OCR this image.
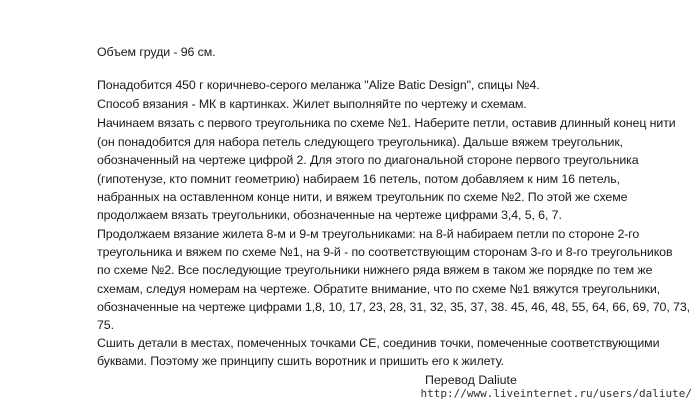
Объем груди - 96 см.
Понадобится 450 г коричнево-серого меланжа "Alize Batic Design", спицы №4.
Способ вязания - МК в картинках. Жилет выполняйте по чертежу и схемам.
Начинаем вязать с первого треугольника по схеме №1. Наберите петли, оставив длинный конец нити
(он понадобится для набора петель следующего треугольника). Дальше вяжем треугольник,
обозначенный на чертеже цифрой 2. Для этого по диагональной стороне первого треугольника
(гипотенузе, кто помнит геометрию) набираем 16 петель, потом добавляем к ним 16 петель,
набранных на оставленном конце нити, и вяжем треугольник по схеме №2. По этой же схеме
продолжаем вязать треугольники, обозначенные на чертеже цифрами 3,4, 5, 6, 7.
Продолжаем вязание жилета 8-м и 9-м треугольниками: на 8-й набираем петли по стороне 2-го
треугольника и вяжем по схеме №1, на 9-й - по соответствующим сторонам 3-го и 8-го треугольников
по схеме №2. Все последующие треугольники нижнего ряда вяжем в таком же порядке по тем же
схемам, следуя номерам на чертеже. Обратите внимание, что по схеме №1 вяжутся треугольники,
обозначенные на чертеже цифрами 1,8, 10, 17, 23, 28, 31, 32, 35, 37, 38. 45, 46, 48, 55, 64, 66, 69, 70, 73,
75.
Сшить детали в местах, помеченных точками СЕ, соединив точки, помеченные соответствующими
буквами. Поэтому же принципу сшить воротник и пришить его к жилету.
Перевод Daliute
http://www.liveinternet.ru/users/daliute/
